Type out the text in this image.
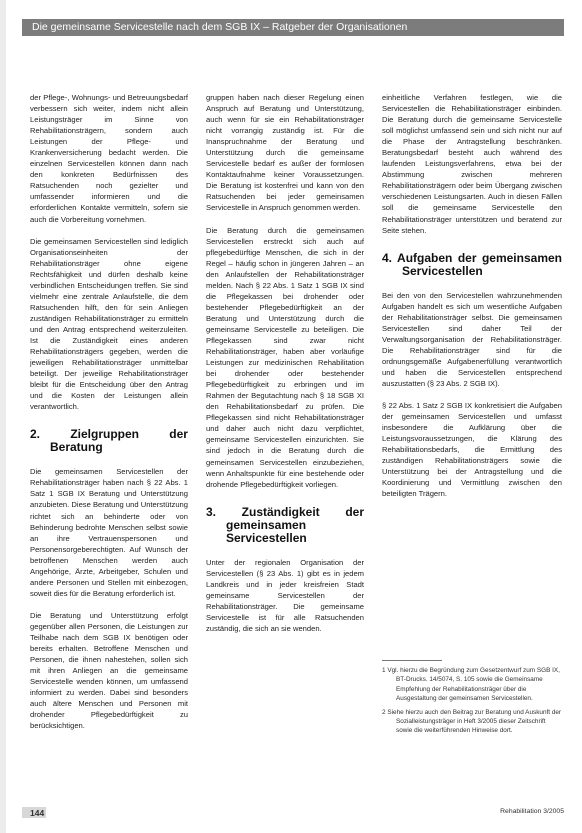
Die gemeinsame Servicestelle nach dem SGB IX – Ratgeber der Organisationen

der Pflege-, Wohnungs- und Betreuungsbedarf verbessern sich weiter, indem nicht allein Leistungsträger im Sinne von Rehabilitationsträgern, sondern auch Leistungen der Pflege- und Krankenversicherung bedacht werden. Die einzelnen Servicestellen können dann nach den konkreten Bedürfnissen des Ratsuchenden noch gezielter und umfassender informieren und die erforderlichen Kontakte vermitteln, sofern sie auch die Vorbereitung vornehmen.

Die gemeinsamen Servicestellen sind lediglich Organisationseinheiten der Rehabilitationsträger ohne eigene Rechtsfähigkeit und dürfen deshalb keine verbindlichen Entscheidungen treffen. Sie sind vielmehr eine zentrale Anlaufstelle, die dem Ratsuchenden hilft, den für sein Anliegen zuständigen Rehabilitationsträger zu ermitteln und den Antrag entsprechend weiterzuleiten. Ist die Zuständigkeit eines anderen Rehabilitationsträgers gegeben, werden die jeweiligen Rehabilitationsträger unmittelbar beteiligt. Der jeweilige Rehabilitationsträger bleibt für die Entscheidung über den Antrag und die Kosten der Leistungen allein verantwortlich.

2.	Zielgruppen der Beratung

Die gemeinsamen Servicestellen der Rehabilitationsträger haben nach § 22 Abs. 1 Satz 1 SGB IX Beratung und Unterstützung anzubieten. Diese Beratung und Unterstützung richtet sich an behinderte oder von Behinderung bedrohte Menschen selbst sowie an ihre Vertrauenspersonen und Personensorgeberechtigten. Auf Wunsch der betroffenen Menschen werden auch Angehörige, Ärzte, Arbeitgeber, Schulen und andere Personen und Stellen mit einbezogen, soweit dies für die Beratung erforderlich ist.

Die Beratung und Unterstützung erfolgt gegenüber allen Personen, die Leistungen zur Teilhabe nach dem SGB IX benötigen oder bereits erhalten. Betroffene Menschen und Personen, die ihnen nahestehen, sollen sich mit ihren Anliegen an die gemeinsame Servicestelle wenden können, um umfassend informiert zu werden. Dabei sind besonders auch ältere Menschen und Personen mit drohender Pflegebedürftigkeit zu berücksichtigen.

gruppen haben nach dieser Regelung einen Anspruch auf Beratung und Unterstützung, auch wenn für sie ein Rehabilitationsträger nicht vorrangig zuständig ist. Für die Inanspruchnahme der Beratung und Unterstützung durch die gemeinsame Servicestelle bedarf es außer der formlosen Kontaktaufnahme keiner Voraussetzungen. Die Beratung ist kostenfrei und kann von den Ratsuchenden bei jeder gemeinsamen Servicestelle in Anspruch genommen werden.

Die Beratung durch die gemeinsamen Servicestellen erstreckt sich auch auf pflegebedürftige Menschen, die sich in der Regel – häufig schon in jüngeren Jahren – an den Anlaufstellen der Rehabilitationsträger melden. Nach § 22 Abs. 1 Satz 1 SGB IX sind die Pflegekassen bei drohender oder bestehender Pflegebedürftigkeit an der Beratung und Unterstützung durch die gemeinsame Servicestelle zu beteiligen. Die Pflegekassen sind zwar nicht Rehabilitationsträger, haben aber vorläufige Leistungen zur medizinischen Rehabilitation bei drohender oder bestehender Pflegebedürftigkeit zu erbringen und im Rahmen der Begutachtung nach § 18 SGB XI den Rehabilitationsbedarf zu prüfen. Die Pflegekassen sind nicht Rehabilitationsträger und daher auch nicht dazu verpflichtet, gemeinsame Servicestellen einzurichten. Sie sind jedoch in die Beratung durch die gemeinsamen Servicestellen einzubeziehen, wenn Anhaltspunkte für eine bestehende oder drohende Pflegebedürftigkeit vorliegen.

3. Zuständigkeit der gemeinsamen Servicestellen

Unter der regionalen Organisation der Servicestellen (§ 23 Abs. 1) gibt es in jedem Landkreis und in jeder kreisfreien Stadt gemeinsame Servicestellen der Rehabilitationsträger. Die gemeinsame Servicestelle ist für alle Ratsuchenden zuständig, die sich an sie wenden.

einheitliche Verfahren festlegen, wie die Servicestellen die Rehabilitationsträger einbinden. Die Beratung durch die gemeinsame Servicestelle soll möglichst umfassend sein und sich nicht nur auf die Phase der Antragstellung beschränken. Beratungsbedarf besteht auch während des laufenden Leistungsverfahrens, etwa bei der Abstimmung zwischen mehreren Rehabilitationsträgern oder beim Übergang zwischen verschiedenen Leistungsarten. Auch in diesen Fällen soll die gemeinsame Servicestelle den Rehabilitationsträger unterstützen und beratend zur Seite stehen.

4. Aufgaben der gemeinsamen Servicestellen

Bei den von den Servicestellen wahrzunehmenden Aufgaben handelt es sich um wesentliche Aufgaben der Rehabilitationsträger selbst. Die gemeinsamen Servicestellen sind daher Teil der Verwaltungsorganisation der Rehabilitationsträger. Die Rehabilitationsträger sind für die ordnungsgemäße Aufgabenerfüllung verantwortlich und haben die Servicestellen entsprechend auszustatten (§ 23 Abs. 2 SGB IX).

§ 22 Abs. 1 Satz 2 SGB IX konkretisiert die Aufgaben der gemeinsamen Servicestellen und umfasst insbesondere die Aufklärung über die Leistungsvoraussetzungen, die Klärung des Rehabilitationsbedarfs, die Ermittlung des zuständigen Rehabilitationsträgers sowie die Unterstützung bei der Antragstellung und die Koordinierung und Vermittlung zwischen den beteiligten Trägern.

1 Vgl. hierzu die Begründung zum Gesetzentwurf zum SGB IX, BT-Drucks. 14/5074, S. 105 sowie die Gemeinsame Empfehlung der Rehabilitationsträger über die Ausgestaltung der gemeinsamen Servicestellen.

2 Siehe hierzu auch den Beitrag zur Beratung und Auskunft der Sozialleistungsträger in Heft 3/2005 dieser Zeitschrift sowie die weiterführenden Hinweise dort.

144	Rehabilitation 3/2005
